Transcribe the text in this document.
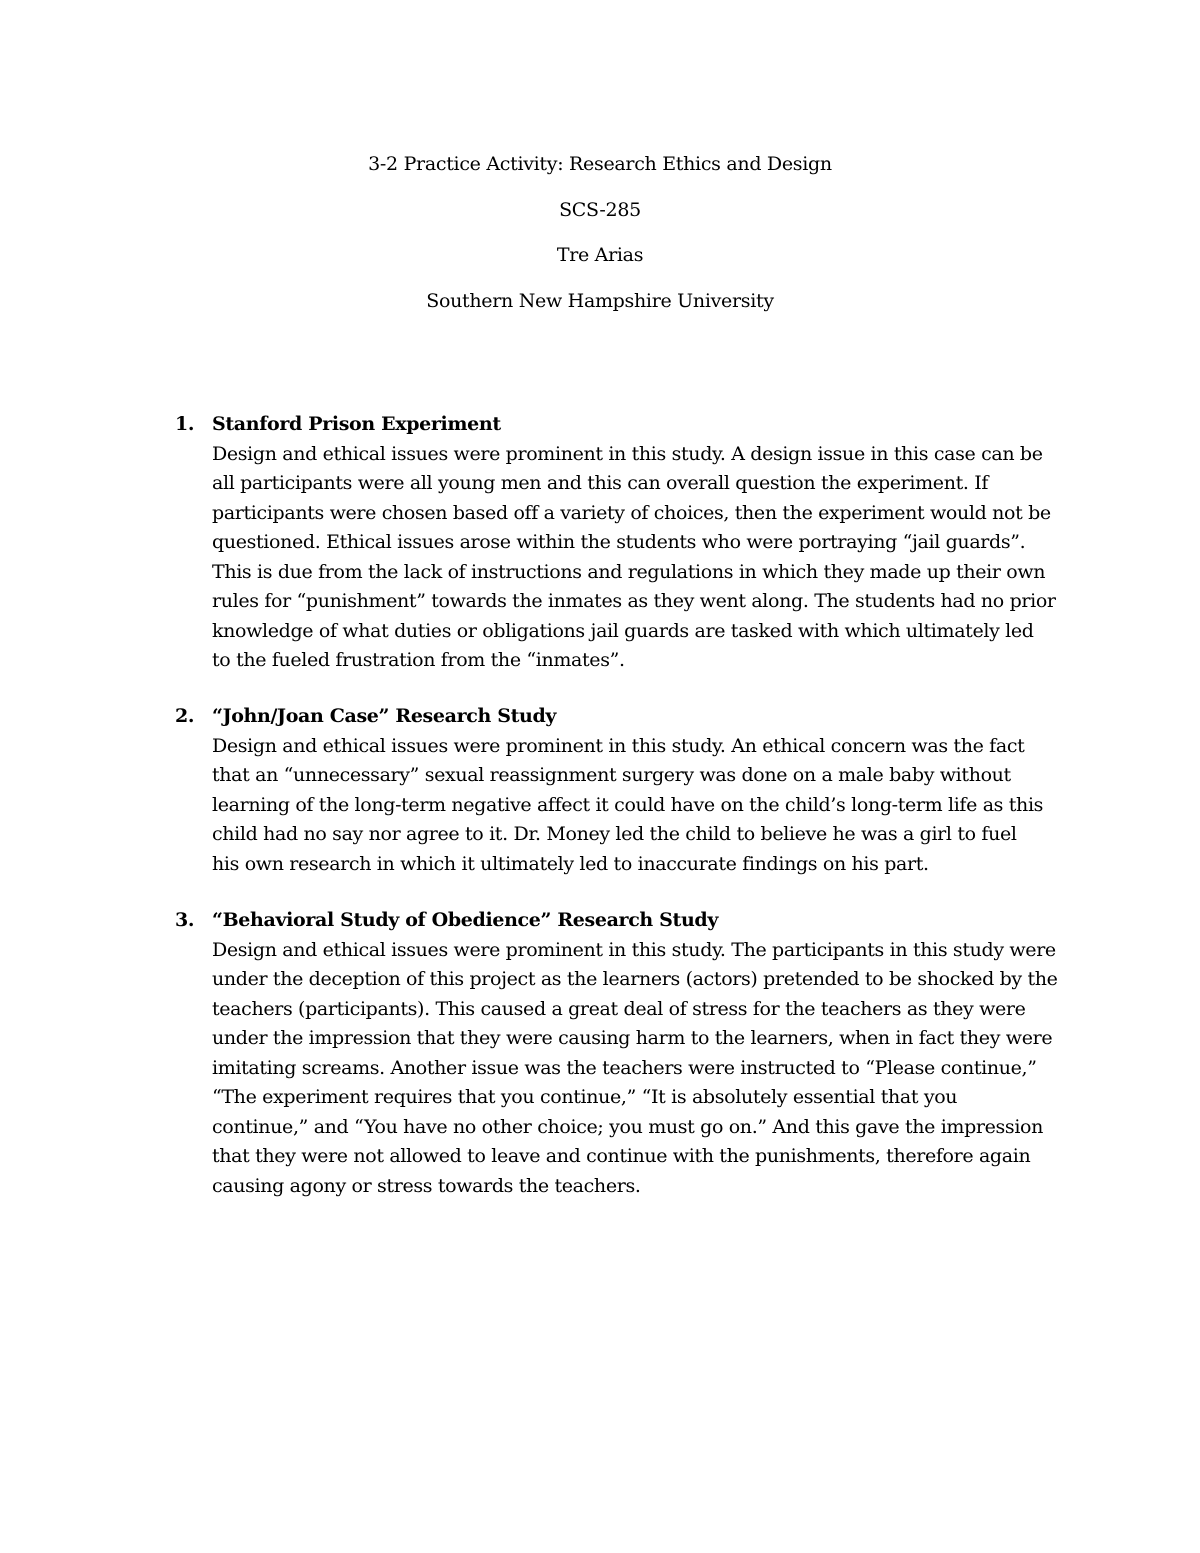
3-2 Practice Activity: Research Ethics and Design
SCS-285
Tre Arias
Southern New Hampshire University
1. Stanford Prison Experiment
Design and ethical issues were prominent in this study. A design issue in this case can be
all participants were all young men and this can overall question the experiment. If
participants were chosen based off a variety of choices, then the experiment would not be
questioned. Ethical issues arose within the students who were portraying “jail guards”.
This is due from the lack of instructions and regulations in which they made up their own
rules for “punishment” towards the inmates as they went along. The students had no prior
knowledge of what duties or obligations jail guards are tasked with which ultimately led
to the fueled frustration from the “inmates”.
2. “John/Joan Case” Research Study
Design and ethical issues were prominent in this study. An ethical concern was the fact
that an “unnecessary” sexual reassignment surgery was done on a male baby without
learning of the long-term negative affect it could have on the child’s long-term life as this
child had no say nor agree to it. Dr. Money led the child to believe he was a girl to fuel
his own research in which it ultimately led to inaccurate findings on his part.
3. “Behavioral Study of Obedience” Research Study
Design and ethical issues were prominent in this study. The participants in this study were
under the deception of this project as the learners (actors) pretended to be shocked by the
teachers (participants). This caused a great deal of stress for the teachers as they were
under the impression that they were causing harm to the learners, when in fact they were
imitating screams. Another issue was the teachers were instructed to “Please continue,”
“The experiment requires that you continue,” “It is absolutely essential that you
continue,” and “You have no other choice; you must go on.” And this gave the impression
that they were not allowed to leave and continue with the punishments, therefore again
causing agony or stress towards the teachers.
